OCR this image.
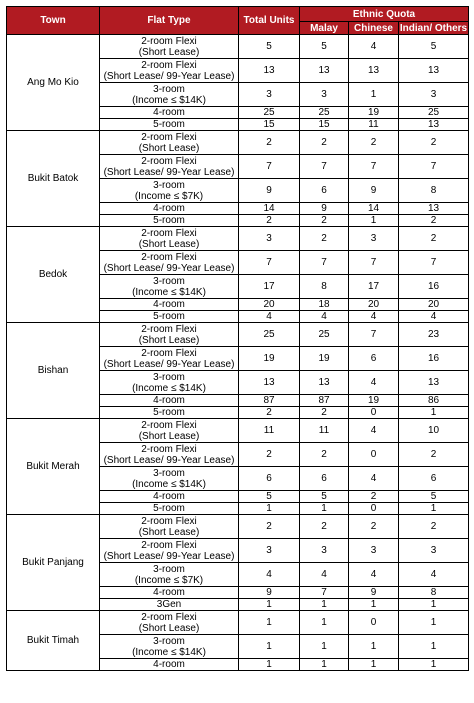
Town	Flat Type	Total Units	Ethnic Quota		
			Malay	Chinese	Indian/ Others
Ang Mo Kio	2-room Flexi
(Short Lease)	5	5	4	5
	2-room Flexi
(Short Lease/ 99-Year Lease)	13	13	13	13
	3-room
(Income ≤ $14K)	3	3	1	3
	4-room	25	25	19	25
	5-room	15	15	11	13
Bukit Batok	2-room Flexi
(Short Lease)	2	2	2	2
	2-room Flexi
(Short Lease/ 99-Year Lease)	7	7	7	7
	3-room
(Income ≤ $7K)	9	6	9	8
	4-room	14	9	14	13
	5-room	2	2	1	2
Bedok	2-room Flexi
(Short Lease)	3	2	3	2
	2-room Flexi
(Short Lease/ 99-Year Lease)	7	7	7	7
	3-room
(Income ≤ $14K)	17	8	17	16
	4-room	20	18	20	20
	5-room	4	4	4	4
Bishan	2-room Flexi
(Short Lease)	25	25	7	23
	2-room Flexi
(Short Lease/ 99-Year Lease)	19	19	6	16
	3-room
(Income ≤ $14K)	13	13	4	13
	4-room	87	87	19	86
	5-room	2	2	0	1
Bukit Merah	2-room Flexi
(Short Lease)	11	11	4	10
	2-room Flexi
(Short Lease/ 99-Year Lease)	2	2	0	2
	3-room
(Income ≤ $14K)	6	6	4	6
	4-room	5	5	2	5
	5-room	1	1	0	1
Bukit Panjang	2-room Flexi
(Short Lease)	2	2	2	2
	2-room Flexi
(Short Lease/ 99-Year Lease)	3	3	3	3
	3-room
(Income ≤ $7K)	4	4	4	4
	4-room	9	7	9	8
	3Gen	1	1	1	1
Bukit Timah	2-room Flexi
(Short Lease)	1	1	0	1
	3-room
(Income ≤ $14K)	1	1	1	1
	4-room	1	1	1	1
